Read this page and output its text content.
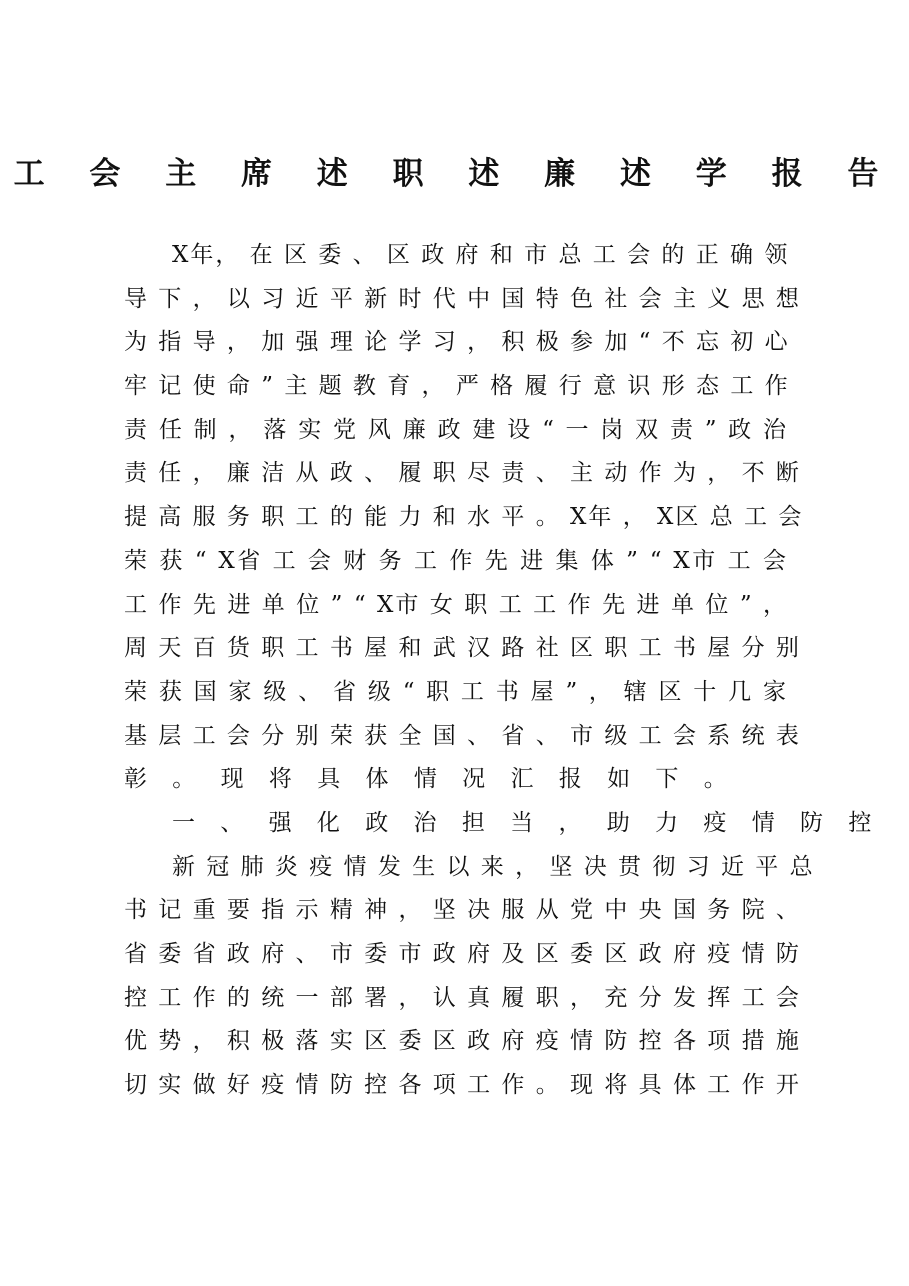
工 会 主 席 述 职 述 廉 述 学 报 告
X年， 在 区 委 、 区 政 府 和 市 总 工 会 的 正 确 领
导 下 ， 以 习 近 平 新 时 代 中 国 特 色 社 会 主 义 思 想
为 指 导 ， 加 强 理 论 学 习 ， 积 极 参 加 “ 不 忘 初 心
牢 记 使 命 ” 主 题 教 育 ， 严 格 履 行 意 识 形 态 工 作
责 任 制 ， 落 实 党 风 廉 政 建 设 “ 一 岗 双 责 ” 政 治
责 任 ， 廉 洁 从 政 、 履 职 尽 责 、 主 动 作 为 ， 不 断
提 高 服 务 职 工 的 能 力 和 水 平 。 X年 ， X区 总 工 会
荣 获 “ X省 工 会 财 务 工 作 先 进 集 体 ” “ X市 工 会
工 作 先 进 单 位 ” “ X市 女 职 工 工 作 先 进 单 位 ” ，
周 天 百 货 职 工 书 屋 和 武 汉 路 社 区 职 工 书 屋 分 别
荣 获 国 家 级 、 省 级 “ 职 工 书 屋 ” ， 辖 区 十 几 家
基 层 工 会 分 别 荣 获 全 国 、 省 、 市 级 工 会 系 统 表
彰 。 现 将 具 体 情 况 汇 报 如 下 。
一 、 强 化 政 治 担 当 ， 助 力 疫 情 防 控
新 冠 肺 炎 疫 情 发 生 以 来 ， 坚 决 贯 彻 习 近 平 总
书 记 重 要 指 示 精 神 ， 坚 决 服 从 党 中 央 国 务 院 、
省 委 省 政 府 、 市 委 市 政 府 及 区 委 区 政 府 疫 情 防
控 工 作 的 统 一 部 署 ， 认 真 履 职 ， 充 分 发 挥 工 会
优 势 ， 积 极 落 实 区 委 区 政 府 疫 情 防 控 各 项 措 施
切 实 做 好 疫 情 防 控 各 项 工 作 。 现 将 具 体 工 作 开
